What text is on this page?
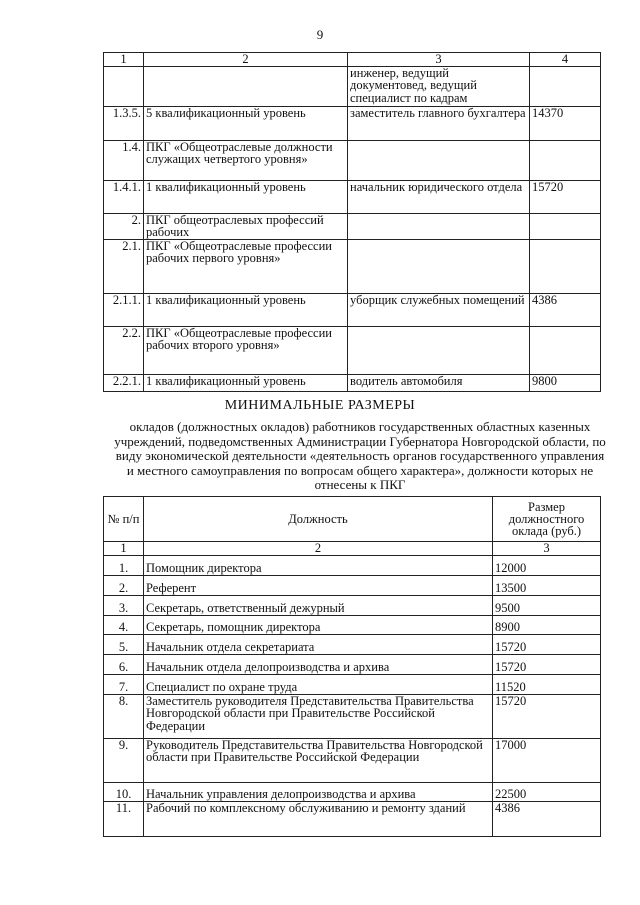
9
1	2	3	4
		инженер, ведущий документовед, ведущий специалист по кадрам	
1.3.5.	5 квалификационный уровень	заместитель главного бухгалтера	14370
1.4.	ПКГ «Общеотраслевые должности служащих четвертого уровня»		
1.4.1.	1 квалификационный уровень	начальник юридического отдела	15720
2.	ПКГ общеотраслевых профессий рабочих		
2.1.	ПКГ «Общеотраслевые профессии рабочих первого уровня»		
2.1.1.	1 квалификационный уровень	уборщик служебных помещений	4386
2.2.	ПКГ «Общеотраслевые профессии рабочих второго уровня»		
2.2.1.	1 квалификационный уровень	водитель автомобиля	9800
МИНИМАЛЬНЫЕ РАЗМЕРЫ
окладов (должностных окладов) работников государственных областных казенных учреждений, подведомственных Администрации Губернатора Новгородской области, по виду экономической деятельности «деятельность органов государственного управления и местного самоуправления по вопросам общего характера», должности которых не отнесены к ПКГ
№ п/п	Должность	Размер должностного оклада (руб.)
1	2	3
1.	Помощник директора	12000
2.	Референт	13500
3.	Секретарь, ответственный дежурный	9500
4.	Секретарь, помощник директора	8900
5.	Начальник отдела секретариата	15720
6.	Начальник отдела делопроизводства и архива	15720
7.	Специалист по охране труда	11520
8.	Заместитель руководителя Представительства Правительства Новгородской области при Правительстве Российской Федерации	15720
9.	Руководитель Представительства Правительства Новгородской области при Правительстве Российской Федерации	17000
10.	Начальник управления делопроизводства и архива	22500
11.	Рабочий по комплексному обслуживанию и ремонту зданий	4386
